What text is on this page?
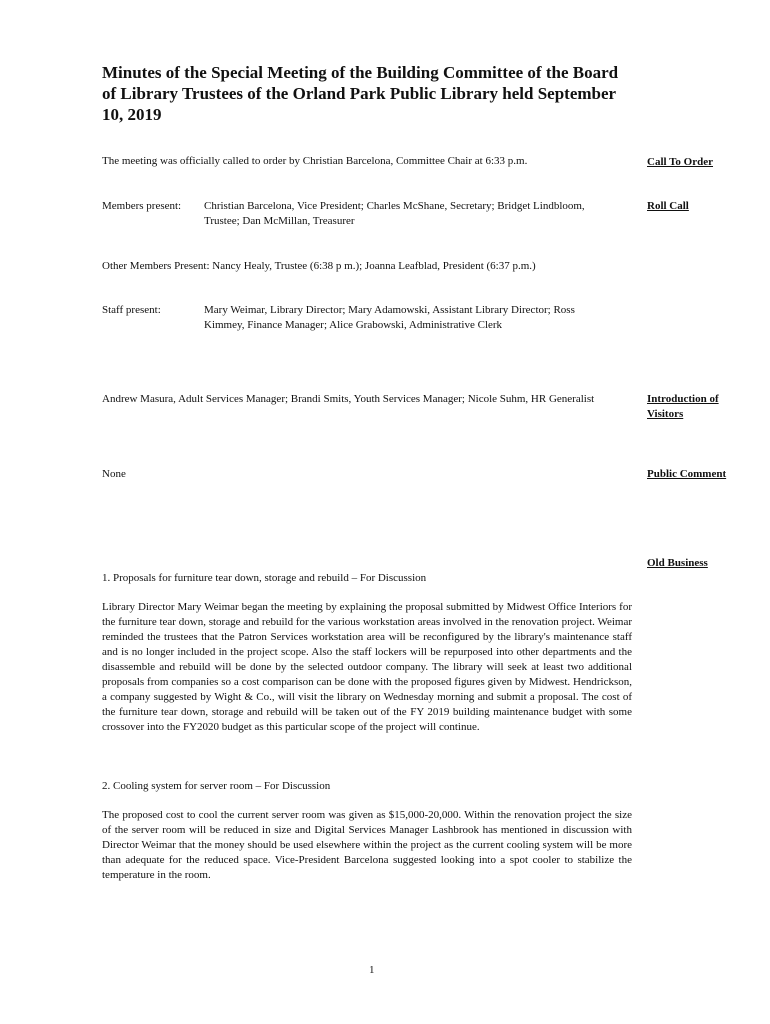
Minutes of the Special Meeting of the Building Committee of the Board of Library Trustees of the Orland Park Public Library held September 10, 2019
The meeting was officially called to order by Christian Barcelona, Committee Chair at 6:33 p.m.	Call To Order
Members present: Christian Barcelona, Vice President; Charles McShane, Secretary; Bridget Lindbloom, Trustee; Dan McMillan, Treasurer
Roll Call
Other Members Present: Nancy Healy, Trustee (6:38 p m.); Joanna Leafblad, President (6:37 p.m.)
Staff present:	Mary Weimar, Library Director; Mary Adamowski, Assistant Library Director; Ross Kimmey, Finance Manager; Alice Grabowski, Administrative Clerk
Andrew Masura, Adult Services Manager; Brandi Smits, Youth Services Manager; Nicole Suhm, HR Generalist	Introduction of Visitors
None	Public Comment
Old Business
1. Proposals for furniture tear down, storage and rebuild – For Discussion
Library Director Mary Weimar began the meeting by explaining the proposal submitted by Midwest Office Interiors for the furniture tear down, storage and rebuild for the various workstation areas involved in the renovation project. Weimar reminded the trustees that the Patron Services workstation area will be reconfigured by the library's maintenance staff and is no longer included in the project scope. Also the staff lockers will be repurposed into other departments and the disassemble and rebuild will be done by the selected outdoor company. The library will seek at least two additional proposals from companies so a cost comparison can be done with the proposed figures given by Midwest. Hendrickson, a company suggested by Wight & Co., will visit the library on Wednesday morning and submit a proposal. The cost of the furniture tear down, storage and rebuild will be taken out of the FY 2019 building maintenance budget with some crossover into the FY2020 budget as this particular scope of the project will continue.
2. Cooling system for server room – For Discussion
The proposed cost to cool the current server room was given as $15,000-20,000. Within the renovation project the size of the server room will be reduced in size and Digital Services Manager Lashbrook has mentioned in discussion with Director Weimar that the money should be used elsewhere within the project as the current cooling system will be more than adequate for the reduced space. Vice-President Barcelona suggested looking into a spot cooler to stabilize the temperature in the room.
1
